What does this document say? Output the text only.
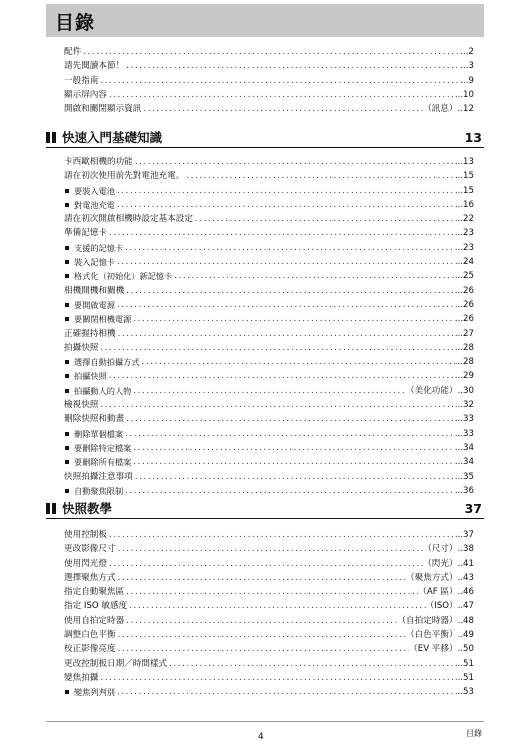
目錄
配件 .....	...2
請先閱讀本節！ .....	...3
一般指南 .....	...9
顯示屏內容 .....	...10
開啟和關閉顯示資訊 .....	（訊息） ..12
快速入門基礎知識	13
卡西歐相機的功能 .....	...13
請在初次使用前先對電池充電。 .....	...15
要裝入電池 .....	...15
對電池充電 .....	...16
請在初次開啟相機時設定基本設定 .....	...22
準備記憶卡 .....	...23
支援的記憶卡 .....	...23
裝入記憶卡 .....	...24
格式化（初始化）新記憶卡 .....	...25
相機開機和關機 .....	...26
要開啟電源 .....	...26
要關閉相機電源 .....	...26
正確握持相機 .....	...27
拍攝快照 .....	...28
選擇自動拍攝方式 .....	...28
拍攝快照 .....	...29
拍攝動人的人物 .....	（美化功能） ..30
檢視快照 .....	...32
刪除快照和動畫 .....	...33
刪除單個檔案 .....	...33
要刪除特定檔案 .....	...34
要刪除所有檔案 .....	...34
快照拍攝注意事項 .....	...35
自動聚焦限制 .....	...36
快照教學	37
使用控制板 .....	...37
更改影像尺寸 .....	（尺寸） ..38
使用閃光燈 .....	（閃光） ..41
選擇聚焦方式 .....	（聚焦方式） ..43
指定自動聚焦區 .....	（AF 區） ..46
指定 ISO 敏感度 .....	（ISO） ..47
使用自拍定時器 .....	（自拍定時器） ..48
調整白色平衡 .....	（白色平衡） ..49
校正影像亮度 .....	（EV 平移） ..50
更改控制板日期／時間樣式 .....	...51
變焦拍攝 .....	...51
變焦列判別 .....	...53
4	目錄
